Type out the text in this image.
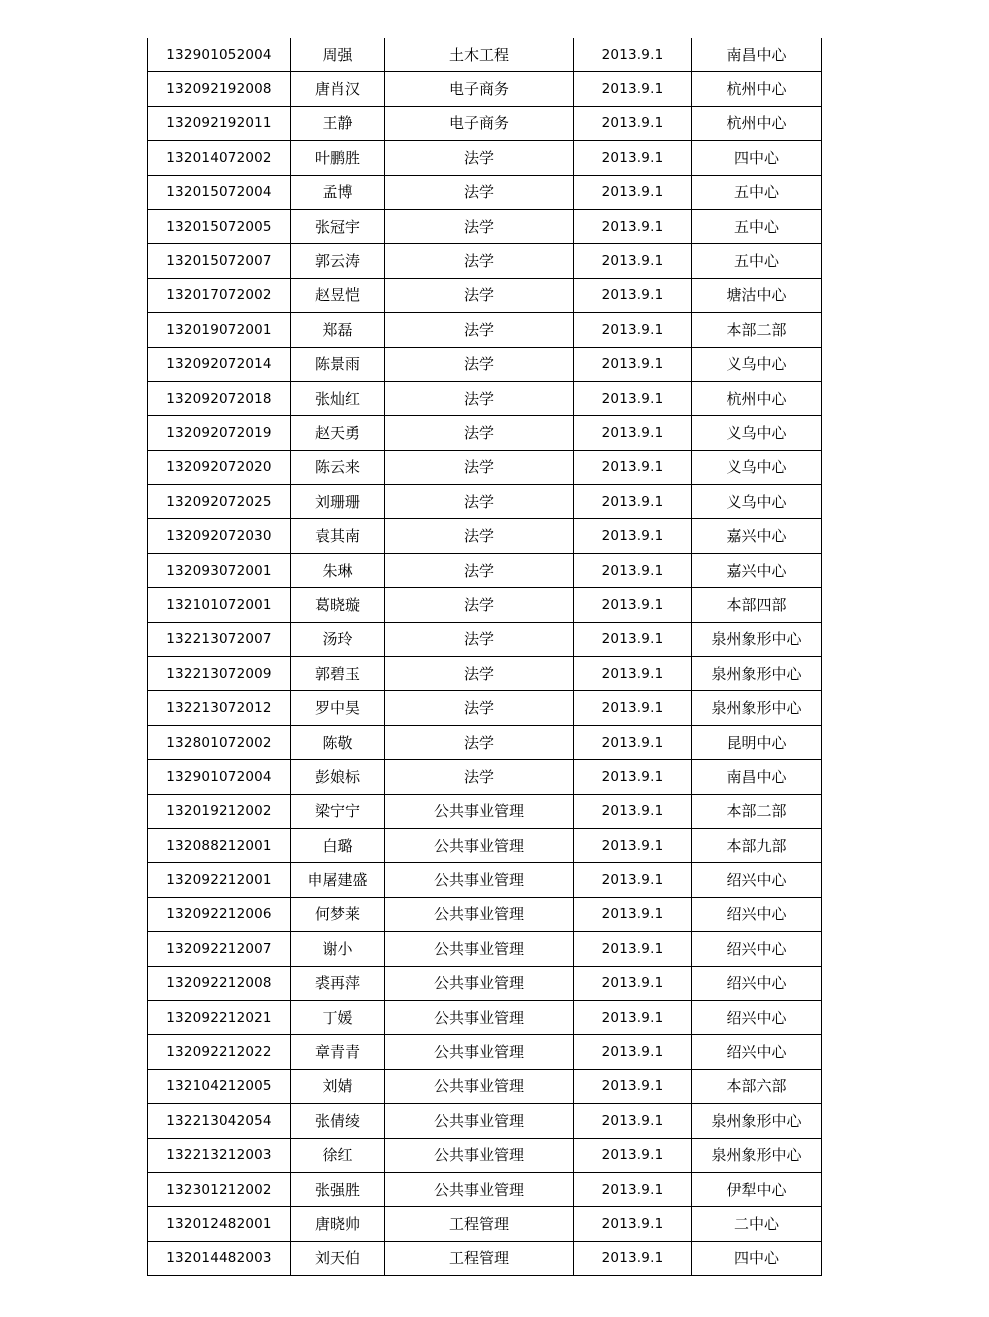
132901052004	周强	土木工程	2013.9.1	南昌中心
132092192008	唐肖汉	电子商务	2013.9.1	杭州中心
132092192011	王静	电子商务	2013.9.1	杭州中心
132014072002	叶鹏胜	法学	2013.9.1	四中心
132015072004	孟博	法学	2013.9.1	五中心
132015072005	张冠宇	法学	2013.9.1	五中心
132015072007	郭云涛	法学	2013.9.1	五中心
132017072002	赵昱恺	法学	2013.9.1	塘沽中心
132019072001	郑磊	法学	2013.9.1	本部二部
132092072014	陈景雨	法学	2013.9.1	义乌中心
132092072018	张灿红	法学	2013.9.1	杭州中心
132092072019	赵天勇	法学	2013.9.1	义乌中心
132092072020	陈云来	法学	2013.9.1	义乌中心
132092072025	刘珊珊	法学	2013.9.1	义乌中心
132092072030	袁其南	法学	2013.9.1	嘉兴中心
132093072001	朱琳	法学	2013.9.1	嘉兴中心
132101072001	葛晓璇	法学	2013.9.1	本部四部
132213072007	汤玲	法学	2013.9.1	泉州象形中心
132213072009	郭碧玉	法学	2013.9.1	泉州象形中心
132213072012	罗中昊	法学	2013.9.1	泉州象形中心
132801072002	陈敬	法学	2013.9.1	昆明中心
132901072004	彭娘标	法学	2013.9.1	南昌中心
132019212002	梁宁宁	公共事业管理	2013.9.1	本部二部
132088212001	白璐	公共事业管理	2013.9.1	本部九部
132092212001	申屠建盛	公共事业管理	2013.9.1	绍兴中心
132092212006	何梦莱	公共事业管理	2013.9.1	绍兴中心
132092212007	谢小	公共事业管理	2013.9.1	绍兴中心
132092212008	裘再萍	公共事业管理	2013.9.1	绍兴中心
132092212021	丁媛	公共事业管理	2013.9.1	绍兴中心
132092212022	章青青	公共事业管理	2013.9.1	绍兴中心
132104212005	刘婧	公共事业管理	2013.9.1	本部六部
132213042054	张倩绫	公共事业管理	2013.9.1	泉州象形中心
132213212003	徐红	公共事业管理	2013.9.1	泉州象形中心
132301212002	张强胜	公共事业管理	2013.9.1	伊犁中心
132012482001	唐晓帅	工程管理	2013.9.1	二中心
132014482003	刘天伯	工程管理	2013.9.1	四中心
